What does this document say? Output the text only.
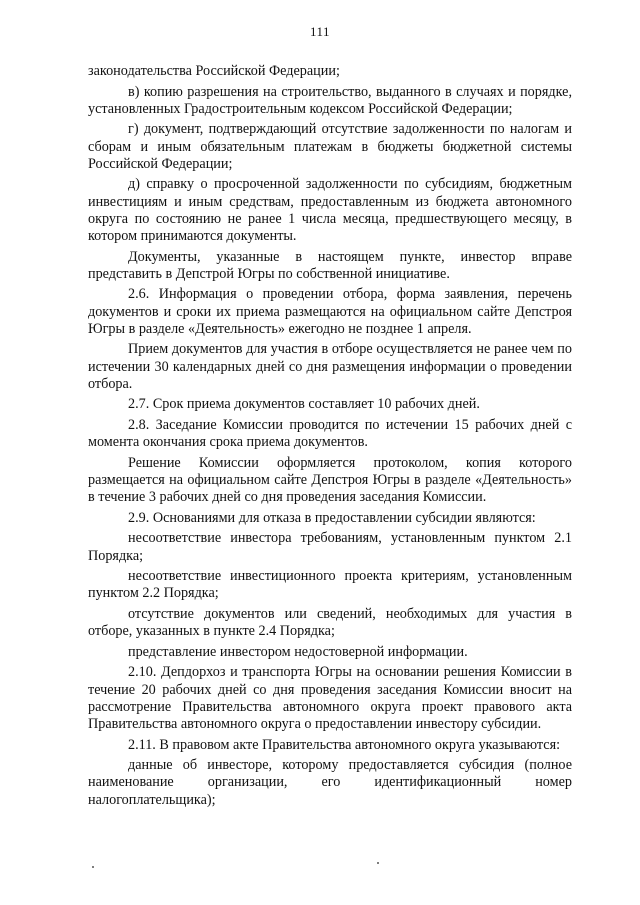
111

законодательства Российской Федерации;

в) копию разрешения на строительство, выданного в случаях и порядке, установленных Градостроительным кодексом Российской Федерации;

г) документ, подтверждающий отсутствие задолженности по налогам и сборам и иным обязательным платежам в бюджеты бюджетной системы Российской Федерации;

д) справку о просроченной задолженности по субсидиям, бюджетным инвестициям и иным средствам, предоставленным из бюджета автономного округа по состоянию не ранее 1 числа месяца, предшествующего месяцу, в котором принимаются документы.

Документы, указанные в настоящем пункте, инвестор вправе представить в Депстрой Югры по собственной инициативе.

2.6. Информация о проведении отбора, форма заявления, перечень документов и сроки их приема размещаются на официальном сайте Депстроя Югры в разделе «Деятельность» ежегодно не позднее 1 апреля.

Прием документов для участия в отборе осуществляется не ранее чем по истечении 30 календарных дней со дня размещения информации о проведении отбора.

2.7. Срок приема документов составляет 10 рабочих дней.

2.8. Заседание Комиссии проводится по истечении 15 рабочих дней с момента окончания срока приема документов.

Решение Комиссии оформляется протоколом, копия которого размещается на официальном сайте Депстроя Югры в разделе «Деятельность» в течение 3 рабочих дней со дня проведения заседания Комиссии.

2.9. Основаниями для отказа в предоставлении субсидии являются:

несоответствие инвестора требованиям, установленным пунктом 2.1 Порядка;

несоответствие инвестиционного проекта критериям, установленным пунктом 2.2 Порядка;

отсутствие документов или сведений, необходимых для участия в отборе, указанных в пункте 2.4 Порядка;

представление инвестором недостоверной информации.

2.10. Депдорхоз и транспорта Югры на основании решения Комиссии в течение 20 рабочих дней со дня проведения заседания Комиссии вносит на рассмотрение Правительства автономного округа проект правового акта Правительства автономного округа о предоставлении инвестору субсидии.

2.11. В правовом акте Правительства автономного округа указываются:

данные об инвесторе, которому предоставляется субсидия (полное наименование организации, его идентификационный номер налогоплательщика);
